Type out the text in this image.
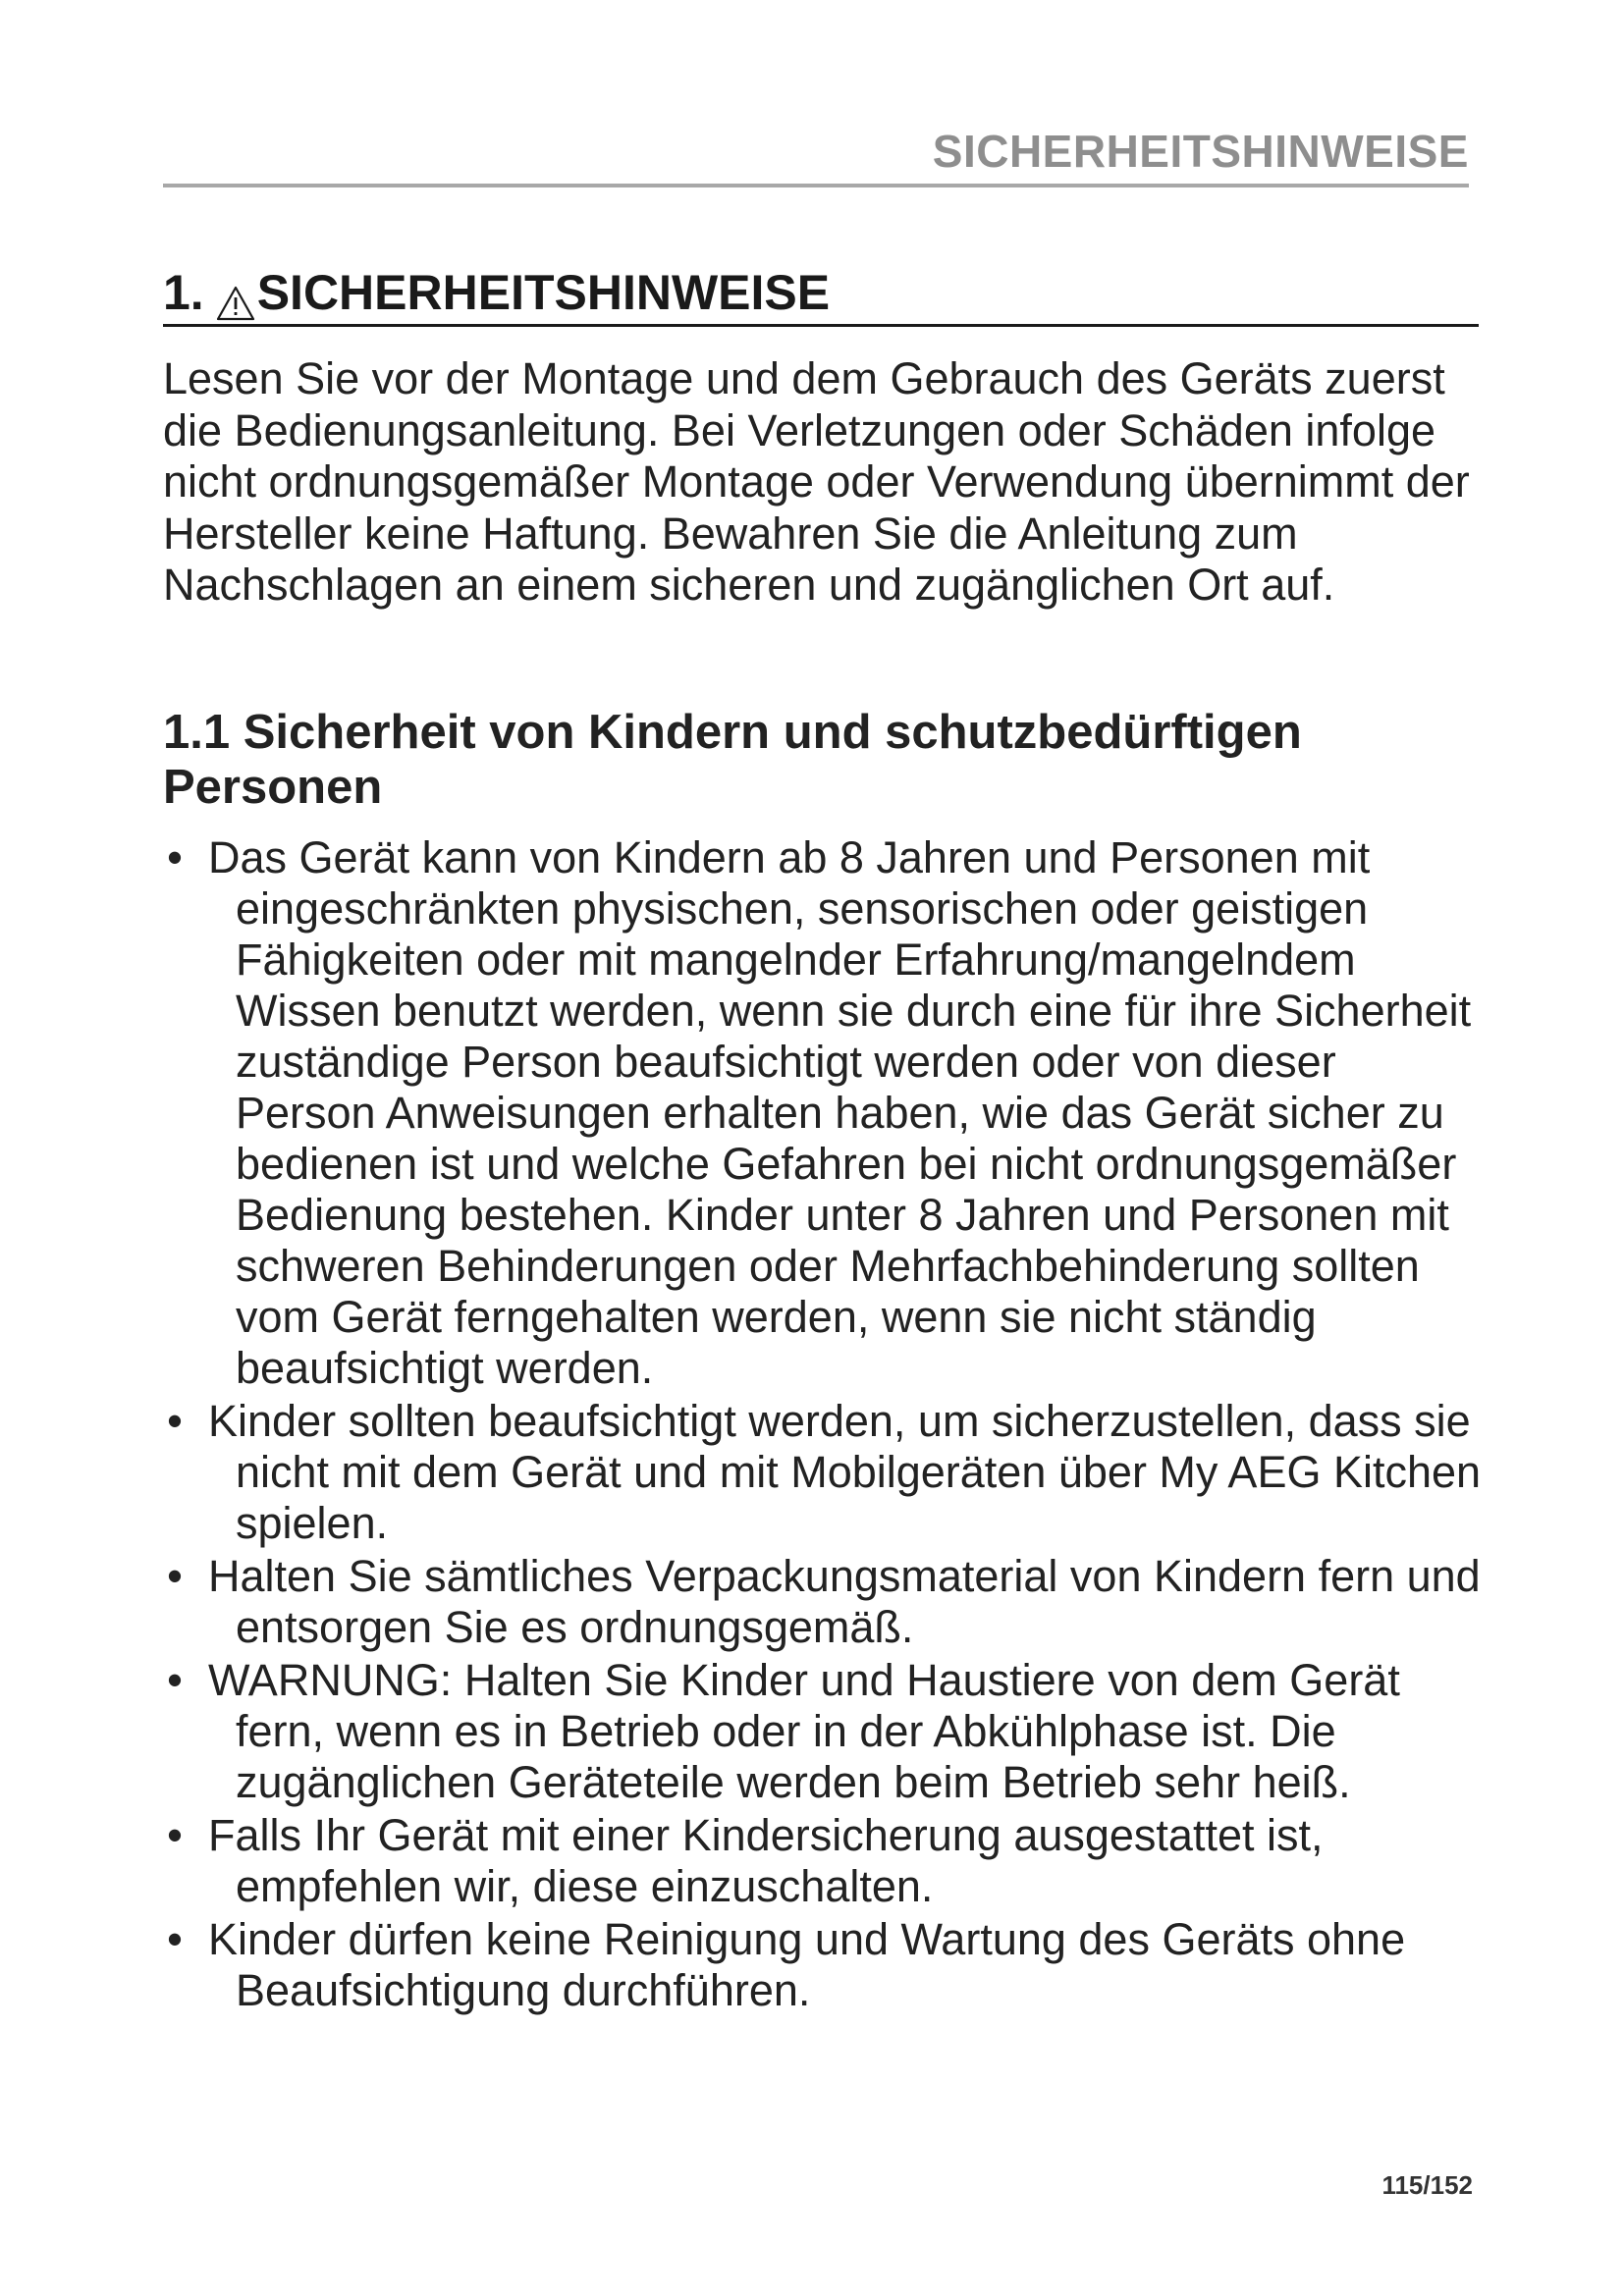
SICHERHEITSHINWEISE
1. SICHERHEITSHINWEISE

Lesen Sie vor der Montage und dem Gebrauch des Geräts zuerst die Bedienungsanleitung. Bei Verletzungen oder Schäden infolge nicht ordnungsgemäßer Montage oder Verwendung übernimmt der Hersteller keine Haftung. Bewahren Sie die Anleitung zum Nachschlagen an einem sicheren und zugänglichen Ort auf.

1.1 Sicherheit von Kindern und schutzbedürftigen Personen
• Das Gerät kann von Kindern ab 8 Jahren und Personen mit eingeschränkten physischen, sensorischen oder geistigen Fähigkeiten oder mit mangelnder Erfahrung/mangelndem Wissen benutzt werden, wenn sie durch eine für ihre Sicherheit zuständige Person beaufsichtigt werden oder von dieser Person Anweisungen erhalten haben, wie das Gerät sicher zu bedienen ist und welche Gefahren bei nicht ordnungsgemäßer Bedienung bestehen. Kinder unter 8 Jahren und Personen mit schweren Behinderungen oder Mehrfachbehinderung sollten vom Gerät ferngehalten werden, wenn sie nicht ständig beaufsichtigt werden.
• Kinder sollten beaufsichtigt werden, um sicherzustellen, dass sie nicht mit dem Gerät und mit Mobilgeräten über My AEG Kitchen spielen.
• Halten Sie sämtliches Verpackungsmaterial von Kindern fern und entsorgen Sie es ordnungsgemäß.
• WARNUNG: Halten Sie Kinder und Haustiere von dem Gerät fern, wenn es in Betrieb oder in der Abkühlphase ist. Die zugänglichen Geräteteile werden beim Betrieb sehr heiß.
• Falls Ihr Gerät mit einer Kindersicherung ausgestattet ist, empfehlen wir, diese einzuschalten.
• Kinder dürfen keine Reinigung und Wartung des Geräts ohne Beaufsichtigung durchführen.
115/152
